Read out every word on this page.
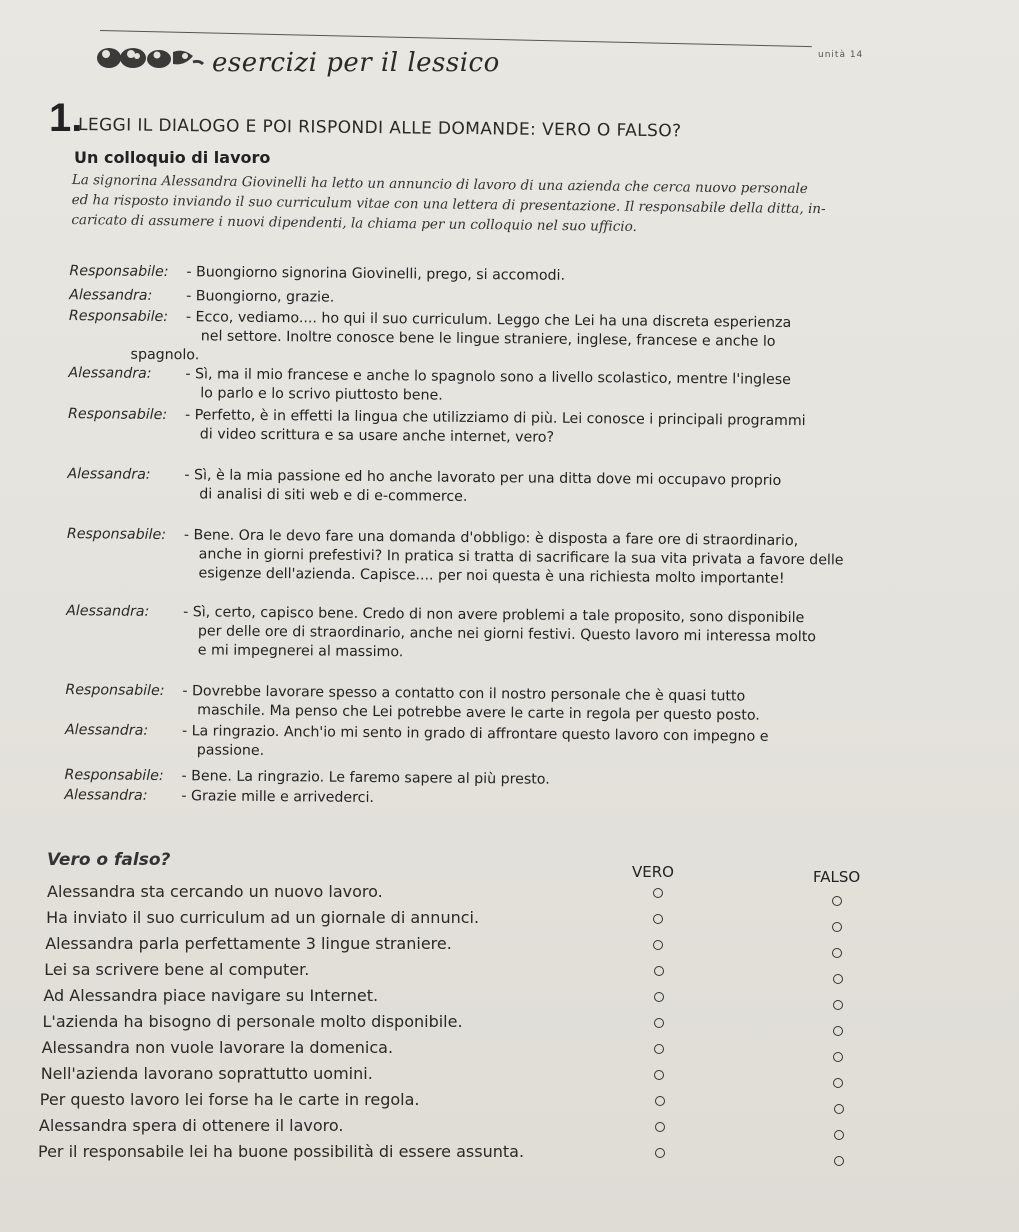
unità 14
esercizi per il lessico
1.
LEGGI IL DIALOGO E POI RISPONDI ALLE DOMANDE: VERO O FALSO?
Un colloquio di lavoro
La signorina Alessandra Giovinelli ha letto un annuncio di lavoro di una azienda che cerca nuovo personale
ed ha risposto inviando il suo curriculum vitae con una lettera di presentazione. Il responsabile della ditta, in-
caricato di assumere i nuovi dipendenti, la chiama per un colloquio nel suo ufficio.
Responsabile: - Buongiorno signorina Giovinelli, prego, si accomodi.
Alessandra: - Buongiorno, grazie.
Responsabile: - Ecco, vediamo.... ho qui il suo curriculum. Leggo che Lei ha una discreta esperienza
nel settore. Inoltre conosce bene le lingue straniere, inglese, francese e anche lo
spagnolo.
Alessandra: - Sì, ma il mio francese e anche lo spagnolo sono a livello scolastico, mentre l'inglese
lo parlo e lo scrivo piuttosto bene.
Responsabile: - Perfetto, è in effetti la lingua che utilizziamo di più. Lei conosce i principali programmi
di video scrittura e sa usare anche internet, vero?
Alessandra: - Sì, è la mia passione ed ho anche lavorato per una ditta dove mi occupavo proprio
di analisi di siti web e di e-commerce.
Responsabile: - Bene. Ora le devo fare una domanda d'obbligo: è disposta a fare ore di straordinario,
anche in giorni prefestivi? In pratica si tratta di sacrificare la sua vita privata a favore delle
esigenze dell'azienda. Capisce.... per noi questa è una richiesta molto importante!
Alessandra: - Sì, certo, capisco bene. Credo di non avere problemi a tale proposito, sono disponibile
per delle ore di straordinario, anche nei giorni festivi. Questo lavoro mi interessa molto
e mi impegnerei al massimo.
Responsabile: - Dovrebbe lavorare spesso a contatto con il nostro personale che è quasi tutto
maschile. Ma penso che Lei potrebbe avere le carte in regola per questo posto.
Alessandra: - La ringrazio. Anch'io mi sento in grado di affrontare questo lavoro con impegno e
passione.
Responsabile: - Bene. La ringrazio. Le faremo sapere al più presto.
Alessandra: - Grazie mille e arrivederci.
Vero o falso?
VERO	FALSO
Alessandra sta cercando un nuovo lavoro.
Ha inviato il suo curriculum ad un giornale di annunci.
Alessandra parla perfettamente 3 lingue straniere.
Lei sa scrivere bene al computer.
Ad Alessandra piace navigare su Internet.
L'azienda ha bisogno di personale molto disponibile.
Alessandra non vuole lavorare la domenica.
Nell'azienda lavorano soprattutto uomini.
Per questo lavoro lei forse ha le carte in regola.
Alessandra spera di ottenere il lavoro.
Per il responsabile lei ha buone possibilità di essere assunta.
